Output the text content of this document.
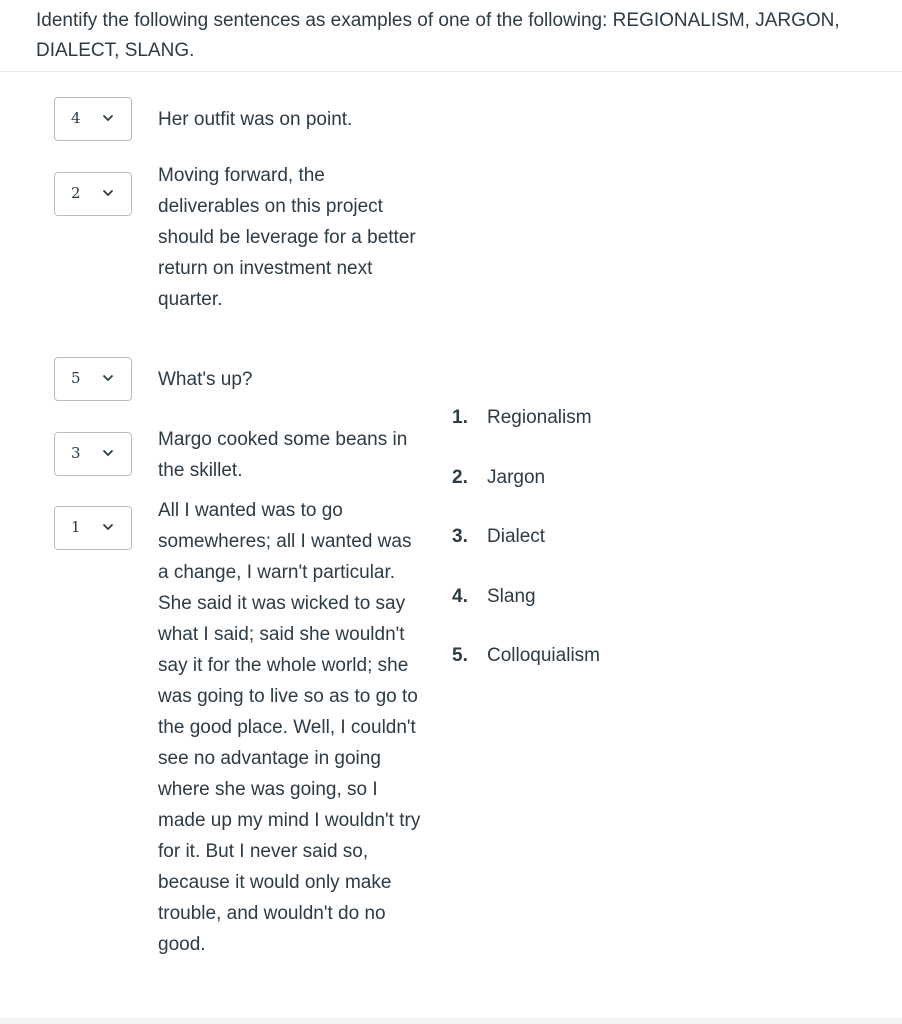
Identify the following sentences as examples of one of the following: REGIONALISM, JARGON, DIALECT, SLANG.
4	Her outfit was on point.
2
Moving forward, the deliverables on this project should be leverage for a better return on investment next quarter.
5	What's up?
3
Margo cooked some beans in the skillet.
1
All I wanted was to go somewheres; all I wanted was a change, I warn't particular. She said it was wicked to say what I said; said she wouldn't say it for the whole world; she was going to live so as to go to the good place. Well, I couldn't see no advantage in going where she was going, so I made up my mind I wouldn't try for it. But I never said so, because it would only make trouble, and wouldn't do no good.
1. Regionalism
2. Jargon
3. Dialect
4. Slang
5. Colloquialism
